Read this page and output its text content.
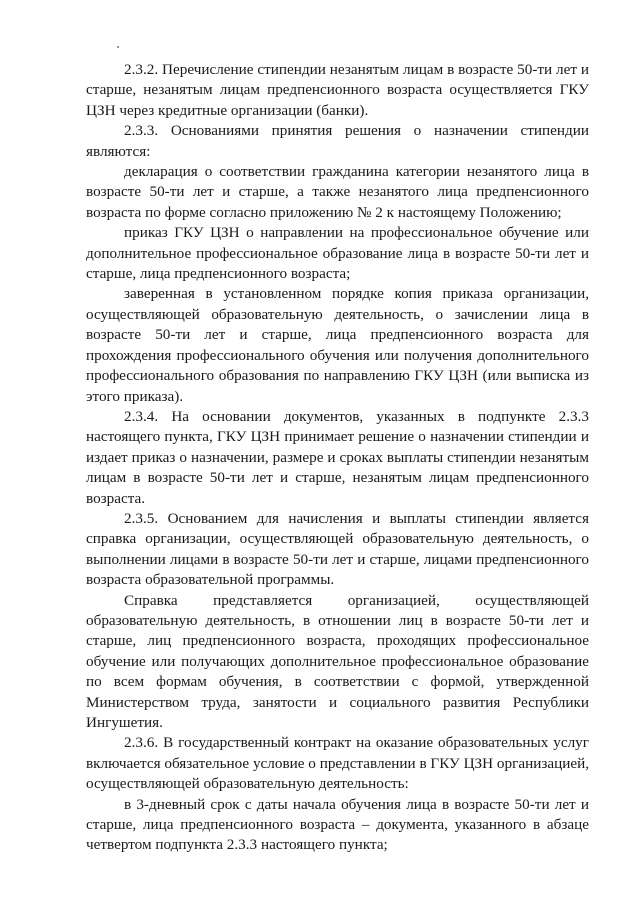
2.3.2. Перечисление стипендии незанятым лицам в возрасте 50-ти лет и старше, незанятым лицам предпенсионного возраста осуществляется ГКУ ЦЗН через кредитные организации (банки).

2.3.3. Основаниями принятия решения о назначении стипендии являются:

декларация о соответствии гражданина категории незанятого лица в возрасте 50-ти лет и старше, а также незанятого лица предпенсионного возраста по форме согласно приложению № 2 к настоящему Положению;

приказ ГКУ ЦЗН о направлении на профессиональное обучение или дополнительное профессиональное образование лица в возрасте 50-ти лет и старше, лица предпенсионного возраста;

заверенная в установленном порядке копия приказа организации, осуществляющей образовательную деятельность, о зачислении лица в возрасте 50-ти лет и старше, лица предпенсионного возраста для прохождения профессионального обучения или получения дополнительного профессионального образования по направлению ГКУ ЦЗН (или выписка из этого приказа).

2.3.4. На основании документов, указанных в подпункте 2.3.3 настоящего пункта, ГКУ ЦЗН принимает решение о назначении стипендии и издает приказ о назначении, размере и сроках выплаты стипендии незанятым лицам в возрасте 50-ти лет и старше, незанятым лицам предпенсионного возраста.

2.3.5. Основанием для начисления и выплаты стипендии является справка организации, осуществляющей образовательную деятельность, о выполнении лицами в возрасте 50-ти лет и старше, лицами предпенсионного возраста образовательной программы.

Справка представляется организацией, осуществляющей образовательную деятельность, в отношении лиц в возрасте 50-ти лет и старше, лиц предпенсионного возраста, проходящих профессиональное обучение или получающих дополнительное профессиональное образование по всем формам обучения, в соответствии с формой, утвержденной Министерством труда, занятости и социального развития Республики Ингушетия.

2.3.6. В государственный контракт на оказание образовательных услуг включается обязательное условие о представлении в ГКУ ЦЗН организацией, осуществляющей образовательную деятельность:

в 3-дневный срок с даты начала обучения лица в возрасте 50-ти лет и старше, лица предпенсионного возраста – документа, указанного в абзаце четвертом подпункта 2.3.3 настоящего пункта;
